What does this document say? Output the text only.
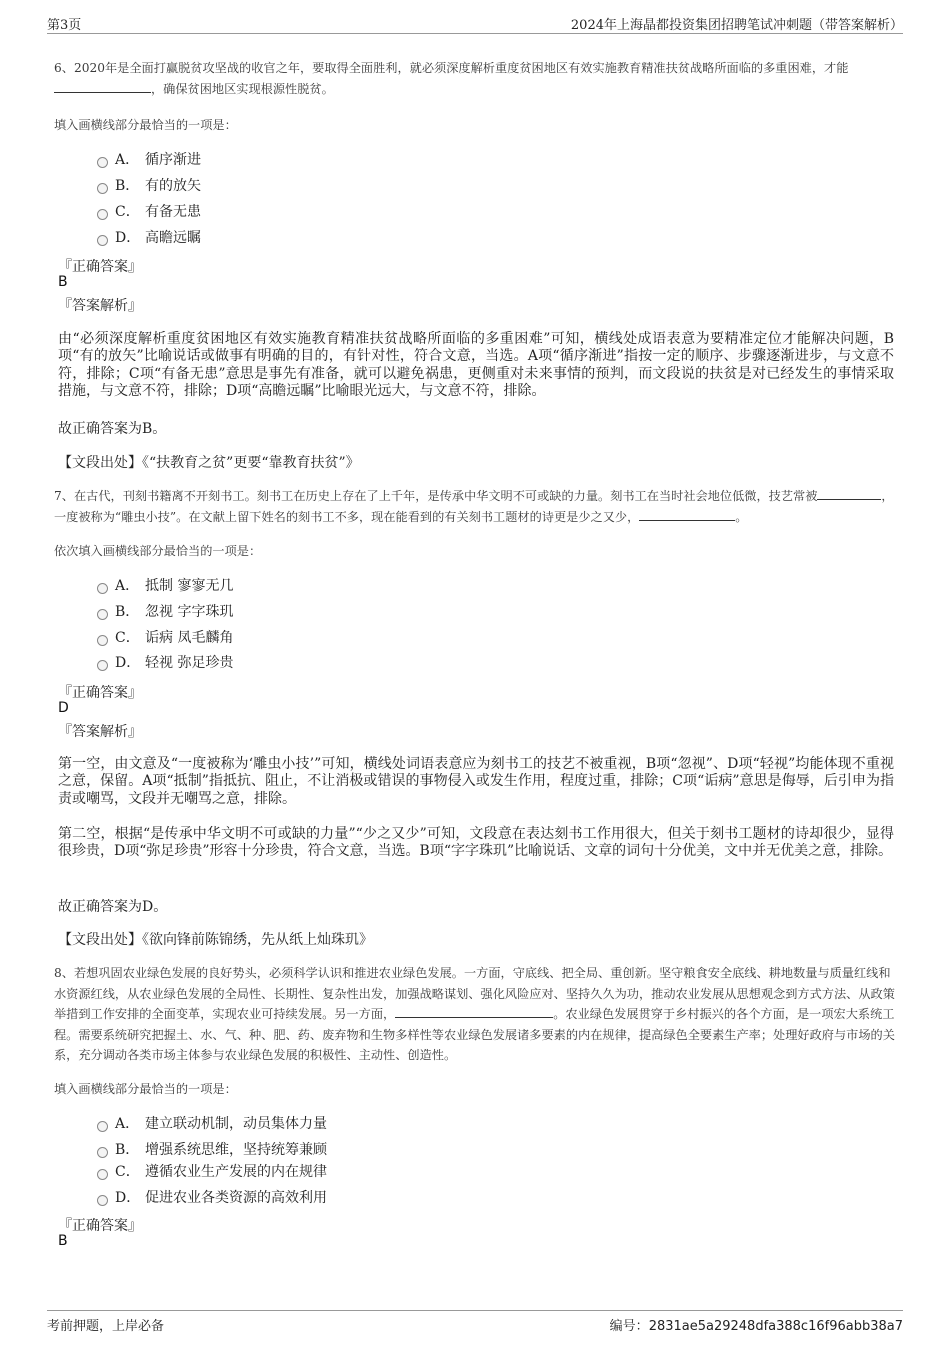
第3页	2024年上海晶都投资集团招聘笔试冲刺题（带答案解析）
6、2020年是全面打赢脱贫攻坚战的收官之年，要取得全面胜利，就必须深度解析重度贫困地区有效实施教育精准扶贫战略所面临的多重困难，才能，确保贫困地区实现根源性脱贫。
填入画横线部分最恰当的一项是：
A． 循序渐进
B． 有的放矢
C． 有备无患
D． 高瞻远瞩
『正确答案』
B
『答案解析』
由“必须深度解析重度贫困地区有效实施教育精准扶贫战略所面临的多重困难”可知，横线处成语表意为要精准定位才能解决问题，B项“有的放矢”比喻说话或做事有明确的目的，有针对性，符合文意，当选。A项“循序渐进”指按一定的顺序、步骤逐渐进步，与文意不符，排除；C项“有备无患”意思是事先有准备，就可以避免祸患，更侧重对未来事情的预判，而文段说的扶贫是对已经发生的事情采取措施，与文意不符，排除；D项“高瞻远瞩”比喻眼光远大，与文意不符，排除。
故正确答案为B。
【文段出处】《“扶教育之贫”更要“靠教育扶贫”》
7、在古代，刊刻书籍离不开刻书工。刻书工在历史上存在了上千年，是传承中华文明不可或缺的力量。刻书工在当时社会地位低微，技艺常被	，一度被称为“雕虫小技”。在文献上留下姓名的刻书工不多，现在能看到的有关刻书工题材的诗更是少之又少，	。
依次填入画横线部分最恰当的一项是：
A． 抵制 寥寥无几
B． 忽视 字字珠玑
C． 诟病 凤毛麟角
D． 轻视 弥足珍贵
『正确答案』
D
『答案解析』
第一空，由文意及“一度被称为‘雕虫小技’”可知，横线处词语表意应为刻书工的技艺不被重视，B项“忽视”、D项“轻视”均能体现不重视之意，保留。A项“抵制”指抵抗、阻止，不让消极或错误的事物侵入或发生作用，程度过重，排除；C项“诟病”意思是侮辱，后引申为指责或嘲骂，文段并无嘲骂之意，排除。
第二空，根据“是传承中华文明不可或缺的力量”“少之又少”可知，文段意在表达刻书工作用很大，但关于刻书工题材的诗却很少，显得很珍贵，D项“弥足珍贵”形容十分珍贵，符合文意，当选。B项“字字珠玑”比喻说话、文章的词句十分优美，文中并无优美之意，排除。
故正确答案为D。
【文段出处】《欲向锋前陈锦绣，先从纸上灿珠玑》
8、若想巩固农业绿色发展的良好势头，必须科学认识和推进农业绿色发展。一方面，守底线、把全局、重创新。坚守粮食安全底线、耕地数量与质量红线和水资源红线，从农业绿色发展的全局性、长期性、复杂性出发，加强战略谋划、强化风险应对、坚持久久为功，推动农业发展从思想观念到方式方法、从政策举措到工作安排的全面变革，实现农业可持续发展。另一方面，	。农业绿色发展贯穿于乡村振兴的各个方面，是一项宏大系统工程。需要系统研究把握土、水、气、种、肥、药、废弃物和生物多样性等农业绿色发展诸多要素的内在规律，提高绿色全要素生产率；处理好政府与市场的关系，充分调动各类市场主体参与农业绿色发展的积极性、主动性、创造性。
填入画横线部分最恰当的一项是：
A． 建立联动机制，动员集体力量
B． 增强系统思维，坚持统筹兼顾
C． 遵循农业生产发展的内在规律
D． 促进农业各类资源的高效利用
『正确答案』
B
考前押题，上岸必备	编号：2831ae5a29248dfa388c16f96abb38a7
